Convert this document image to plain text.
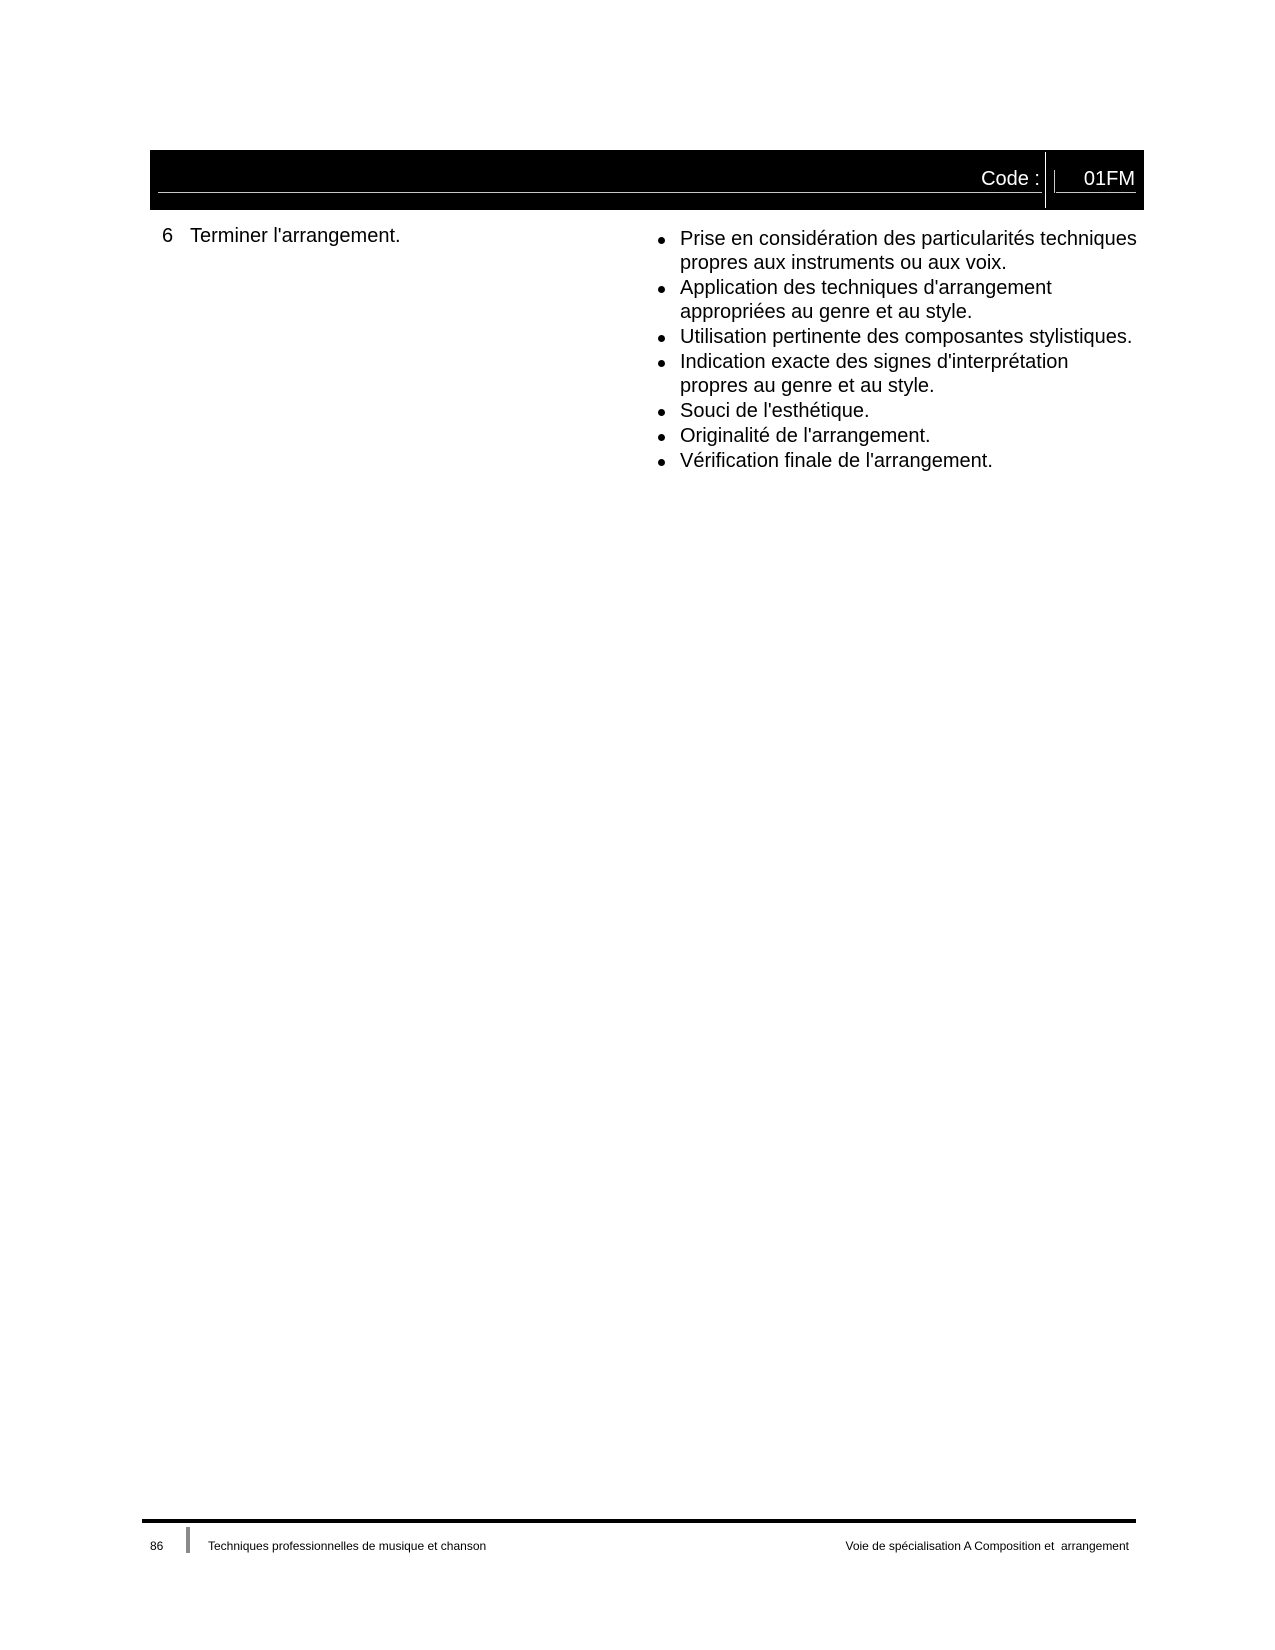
Code : 01FM
6 Terminer l'arrangement.	Prise en considération des particularités techniques propres aux instruments ou aux voix.
Application des techniques d'arrangement appropriées au genre et au style.
Utilisation pertinente des composantes stylistiques.
Indication exacte des signes d'interprétation propres au genre et au style.
Souci de l'esthétique.
Originalité de l'arrangement.
Vérification finale de l'arrangement.
86	Techniques professionnelles de musique et chanson	Voie de spécialisation A Composition et  arrangement
